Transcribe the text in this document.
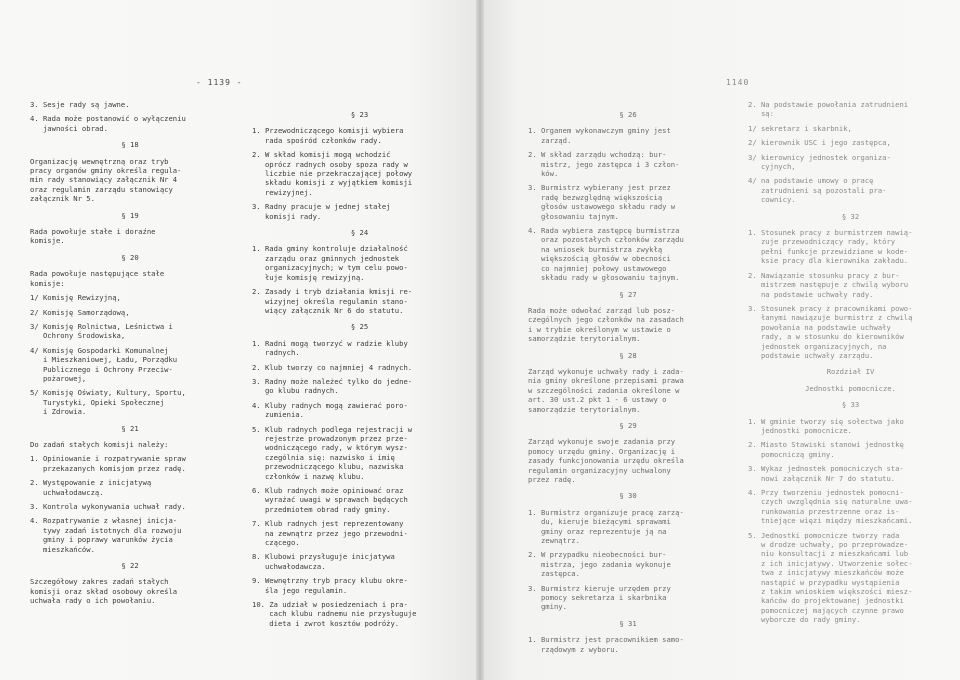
- 1139 -

3. Sesje rady są jawne.

4. Rada może postanowić o wyłączeniu
jawności obrad.

§ 18

Organizację wewnętrzną oraz tryb
pracy organów gminy określa regula-
min rady stanowiący załącznik Nr 4
oraz regulamin zarządu stanowiący
załącznik Nr 5.

§ 19

Rada powołuje stałe i doraźne
komisje.

§ 20

Rada powołuje następujące stałe
komisje:

1/ Komisję Rewizyjną,

2/ Komisję Samorządową,

3/ Komisję Rolnictwa, Leśnictwa i
Ochrony Środowiska,

4/ Komisję Gospodarki Komunalnej
i Mieszkaniowej, Ładu, Porządku
Publicznego i Ochrony Przeciw-
pożarowej,

5/ Komisję Oświaty, Kultury, Sportu,
Turystyki, Opieki Społecznej
i Zdrowia.

§ 21

Do zadań stałych komisji należy:

1. Opiniowanie i rozpatrywanie spraw
przekazanych komisjom przez radę.

2. Występowanie z inicjatywą
uchwałodawczą.

3. Kontrola wykonywania uchwał rady.

4. Rozpatrywanie z własnej inicja-
tywy zadań istotnych dla rozwoju
gminy i poprawy warunków życia
mieszkańców.

§ 22

Szczegółowy zakres zadań stałych
komisji oraz skład osobowy określa
uchwała rady o ich powołaniu.

§ 23

1. Przewodniczącego komisji wybiera
rada spośród członków rady.

2. W skład komisji mogą wchodzić
oprócz radnych osoby spoza rady w
liczbie nie przekraczającej połowy
składu komisji z wyjątkiem komisji
rewizyjnej.

3. Radny pracuje w jednej stałej
komisji rady.

§ 24

1. Rada gminy kontroluje działalność
zarządu oraz gminnych jednostek
organizacyjnych; w tym celu powo-
łuje komisję rewizyjną.

2. Zasady i tryb działania kmisji re-
wizyjnej określa regulamin stano-
wiący załącznik Nr 6 do statutu.

§ 25

1. Radni mogą tworzyć w radzie kluby
radnych.

2. Klub tworzy co najmniej 4 radnych.

3. Radny może należeć tylko do jedne-
go klubu radnych.

4. Kluby radnych mogą zawierać poro-
zumienia.

5. Klub radnych podlega rejestracji w
rejestrze prowadzonym przez prze-
wodniczącego rady, w którym wysz-
czególnia się: nazwisko i imię
przewodniczącego klubu, nazwiska
członków i nazwę klubu.

6. Klub radnych może opiniować oraz
wyrażać uwagi w sprawach będących
przedmiotem obrad rady gminy.

7. Klub radnych jest reprezentowany
na zewnątrz przez jego przewodni-
czącego.

8. Klubowi przysługuje inicjatywa
uchwałodawcza.

9. Wewnętrzny tryb pracy klubu okre-
śla jego regulamin.

10. Za udział w posiedzeniach i pra-
cach klubu radnemu nie przysługuje
dieta i zwrot kosztów podróży.

1140

§ 26

1. Organem wykonawczym gminy jest
zarząd.

2. W skład zarządu wchodzą: bur-
mistrz, jego zastępca i 3 człon-
ków.

3. Burmistrz wybierany jest przez
radę bezwzględną większością
głosów ustawowego składu rady w
głosowaniu tajnym.

4. Rada wybiera zastępcę burmistrza
oraz pozostałych członków zarządu
na wniosek burmistrza zwykłą
większością głosów w obecności
co najmniej połowy ustawowego
składu rady w głosowaniu tajnym.

§ 27

Rada może odwołać zarząd lub posz-
czególnych jego członków na zasadach
i w trybie określonym w ustawie o
samorządzie terytorialnym.

§ 28

Zarząd wykonuje uchwały rady i zada-
nia gminy określone przepisami prawa
w szczególności zadania określone w
art. 30 ust.2 pkt 1 - 6 ustawy o
samorządzie terytorialnym.

§ 29

Zarząd wykonuje swoje zadania przy
pomocy urzędu gminy. Organizację i
zasady funkcjonowania urzędu określa
regulamin organizacyjny uchwalony
przez radę.

§ 30

1. Burmistrz organizuje pracę zarzą-
du, kieruje bieżącymi sprawami
gminy oraz reprezentuje ją na
zewnątrz.

2. W przypadku nieobecności bur-
mistrza, jego zadania wykonuje
zastępca.

3. Burmistrz kieruje urzędem przy
pomocy sekretarza i skarbnika
gminy.

§ 31

1. Burmistrz jest pracownikiem samo-
rządowym z wyboru.

2. Na podstawie powołania zatrudnieni
są:

1/ sekretarz i skarbnik,

2/ kierownik USC i jego zastępca,

3/ kierownicy jednostek organiza-
cyjnych,

4/ na podstawie umowy o pracę
zatrudnieni są pozostali pra-
cownicy.

§ 32

1. Stosunek pracy z burmistrzem nawią-
zuje przewodniczący rady, który
pełni funkcje przewidziane w kode-
ksie pracy dla kierownika zakładu.

2. Nawiązanie stosunku pracy z bur-
mistrzem następuje z chwilą wyboru
na podstawie uchwały rady.

3. Stosunek pracy z pracownikami powo-
łanymi nawiązuje burmistrz z chwilą
powołania na podstawie uchwały
rady, a w stosunku do kierowników
jednostek organizacyjnych, na
podstawie uchwały zarządu.

Rozdział IV

Jednostki pomocnicze.

§ 33

1. W gminie tworzy się sołectwa jako
jednostki pomocnicze.

2. Miasto Stawiski stanowi jednostkę
pomocniczą gminy.

3. Wykaz jednostek pomocniczych sta-
nowi załącznik Nr 7 do statutu.

4. Przy tworzeniu jednostek pomocni-
czych uwzględnia się naturalne uwa-
runkowania przestrzenne oraz is-
tniejące więzi między mieszkańcami.

5. Jednostki pomocnicze tworzy rada
w drodze uchwały, po przeprowadze-
niu konsultacji z mieszkańcami lub
z ich inicjatywy. Utworzenie sołec-
twa z inicjatywy mieszkańców może
nastąpić w przypadku wystąpienia
z takim wnioskiem większości miesz-
kańców do projektowanej jednostki
pomocniczej mających czynne prawo
wyborcze do rady gminy.
